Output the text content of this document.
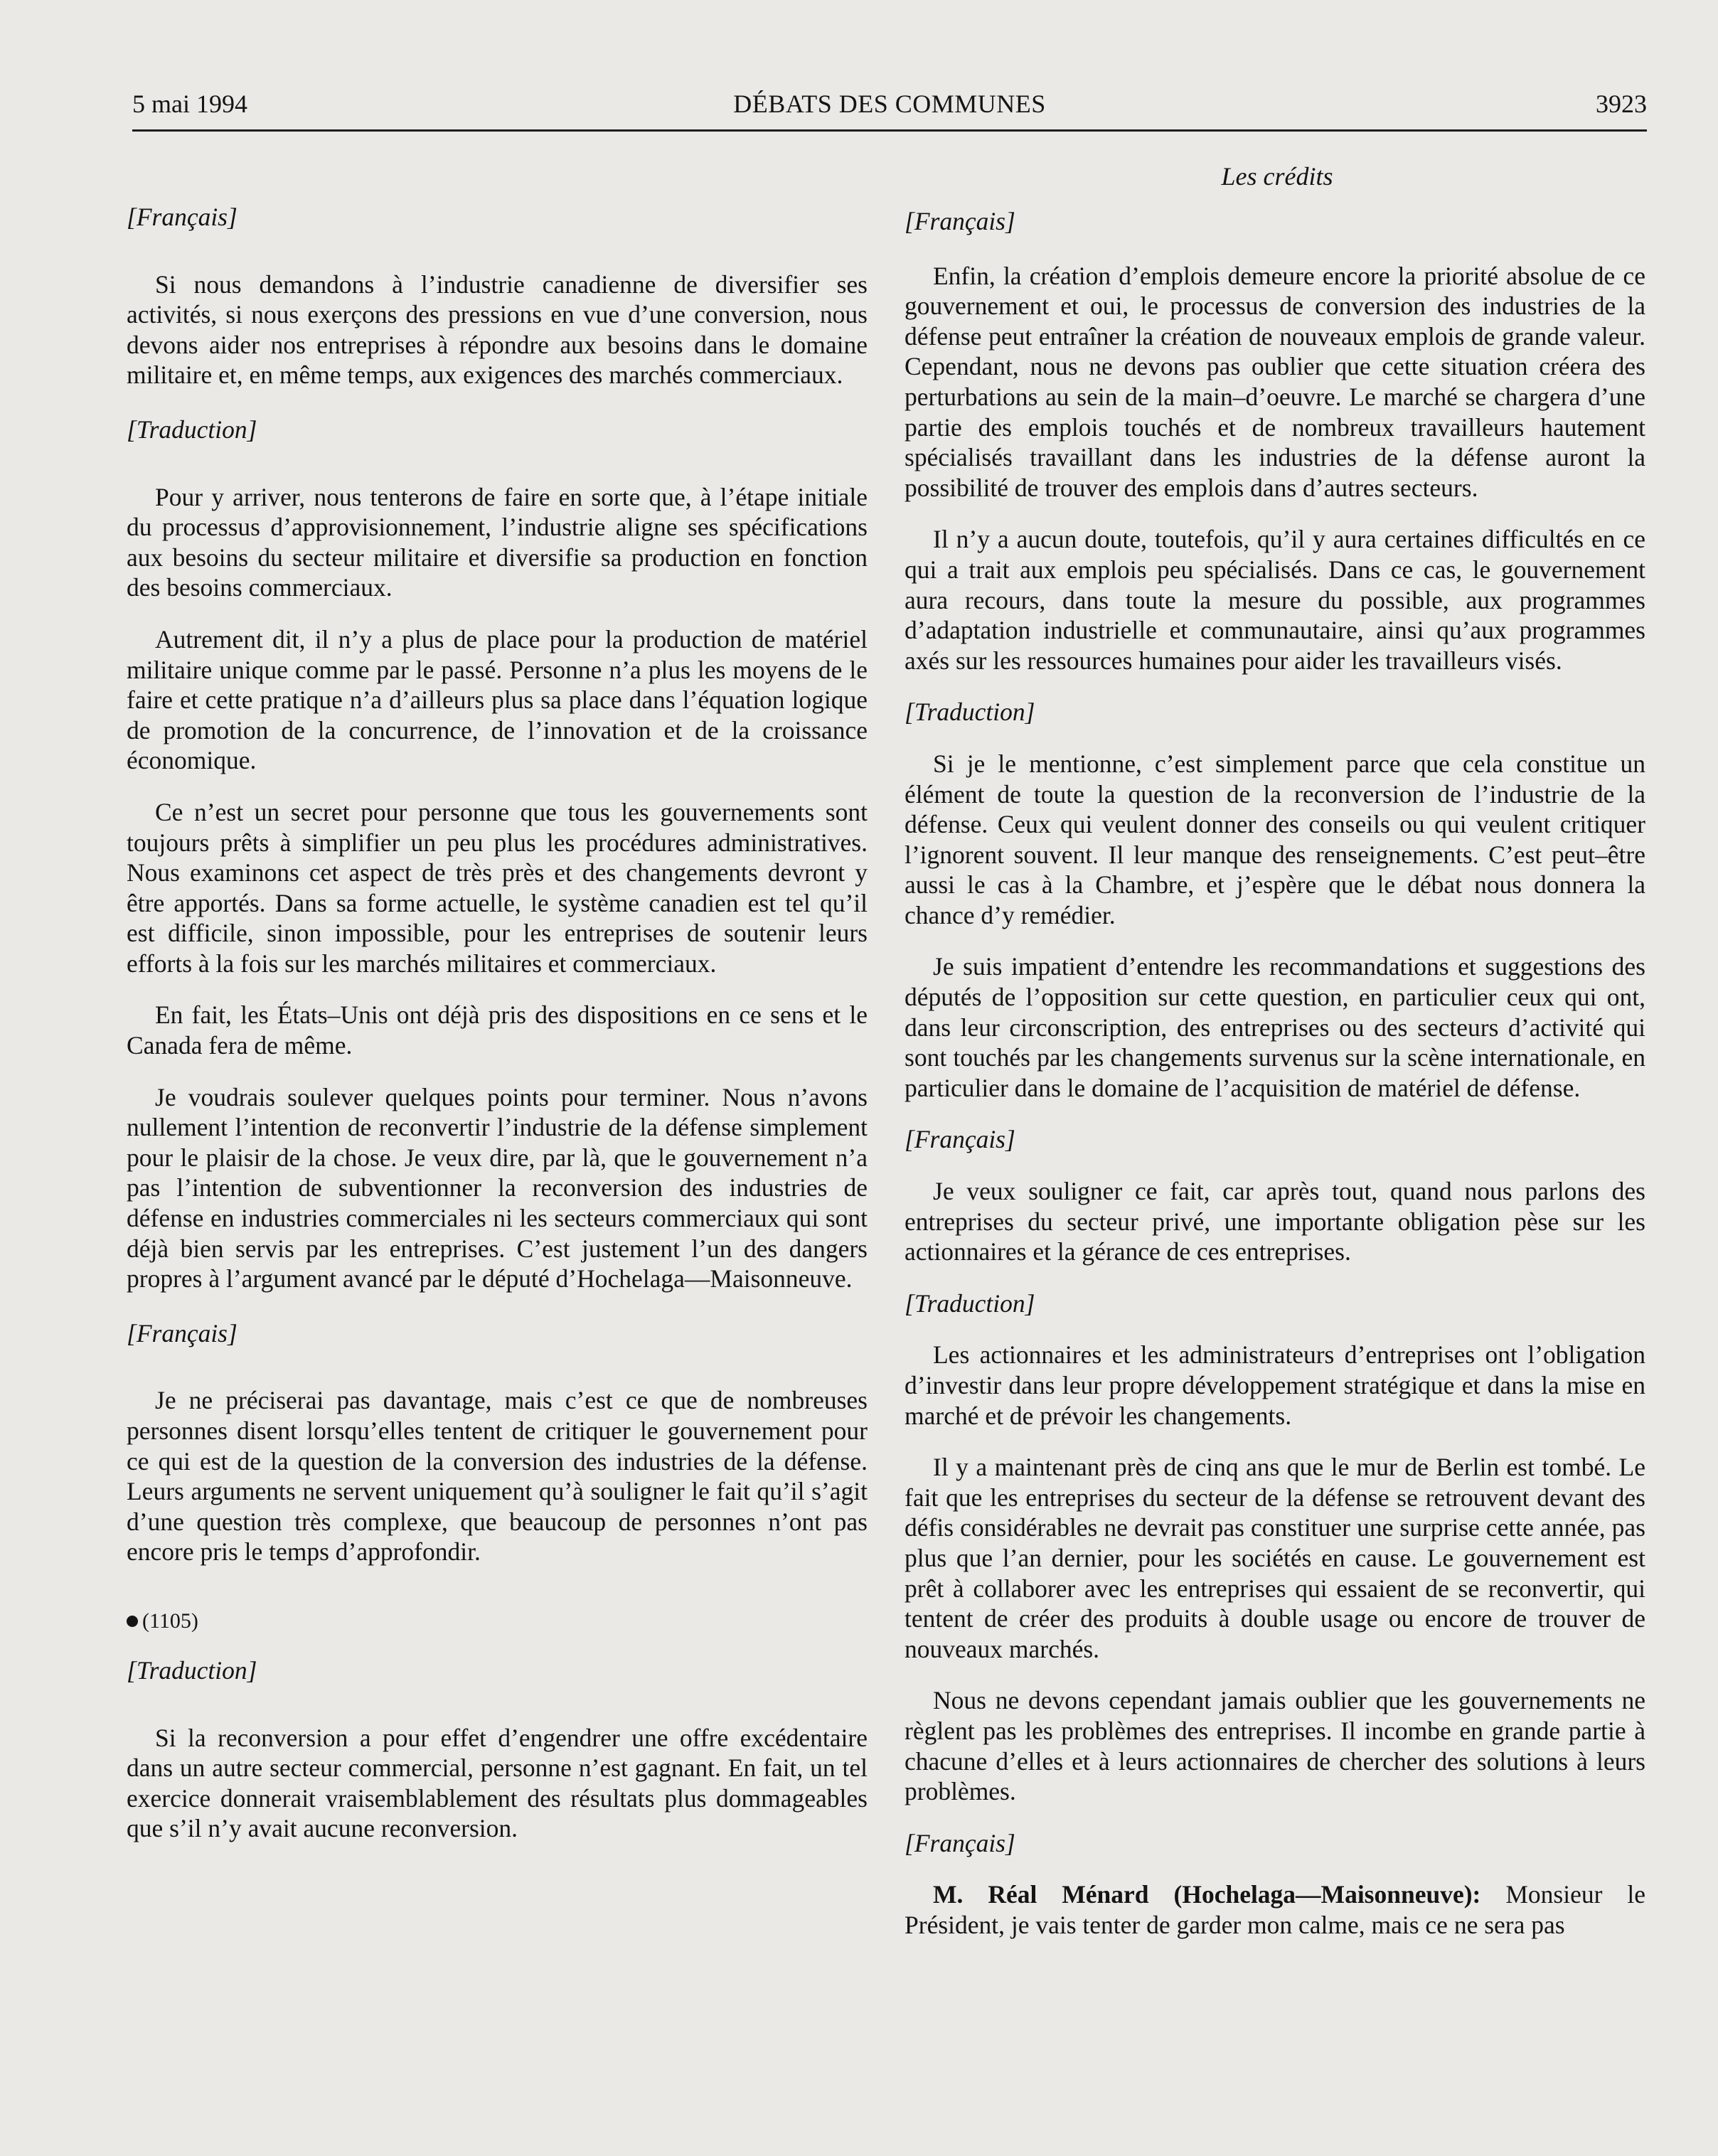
5 mai 1994	DÉBATS DES COMMUNES	3923
Les crédits

[Français]

Si nous demandons à l’industrie canadienne de diversifier ses activités, si nous exerçons des pressions en vue d’une conversion, nous devons aider nos entreprises à répondre aux besoins dans le domaine militaire et, en même temps, aux exigences des marchés commerciaux.

[Traduction]

Pour y arriver, nous tenterons de faire en sorte que, à l’étape initiale du processus d’approvisionnement, l’industrie aligne ses spécifications aux besoins du secteur militaire et diversifie sa production en fonction des besoins commerciaux.

Autrement dit, il n’y a plus de place pour la production de matériel militaire unique comme par le passé. Personne n’a plus les moyens de le faire et cette pratique n’a d’ailleurs plus sa place dans l’équation logique de promotion de la concurrence, de l’innovation et de la croissance économique.

Ce n’est un secret pour personne que tous les gouvernements sont toujours prêts à simplifier un peu plus les procédures administratives. Nous examinons cet aspect de très près et des changements devront y être apportés. Dans sa forme actuelle, le système canadien est tel qu’il est difficile, sinon impossible, pour les entreprises de soutenir leurs efforts à la fois sur les marchés militaires et commerciaux.

En fait, les États–Unis ont déjà pris des dispositions en ce sens et le Canada fera de même.

Je voudrais soulever quelques points pour terminer. Nous n’avons nullement l’intention de reconvertir l’industrie de la défense simplement pour le plaisir de la chose. Je veux dire, par là, que le gouvernement n’a pas l’intention de subventionner la reconversion des industries de défense en industries commerciales ni les secteurs commerciaux qui sont déjà bien servis par les entreprises. C’est justement l’un des dangers propres à l’argument avancé par le député d’Hochelaga—Maisonneuve.

[Français]

Je ne préciserai pas davantage, mais c’est ce que de nombreuses personnes disent lorsqu’elles tentent de critiquer le gouvernement pour ce qui est de la question de la conversion des industries de la défense. Leurs arguments ne servent uniquement qu’à souligner le fait qu’il s’agit d’une question très complexe, que beaucoup de personnes n’ont pas encore pris le temps d’approfondir.

(1105)

[Traduction]

Si la reconversion a pour effet d’engendrer une offre excédentaire dans un autre secteur commercial, personne n’est gagnant. En fait, un tel exercice donnerait vraisemblablement des résultats plus dommageables que s’il n’y avait aucune reconversion.

[Français]

Enfin, la création d’emplois demeure encore la priorité absolue de ce gouvernement et oui, le processus de conversion des industries de la défense peut entraîner la création de nouveaux emplois de grande valeur. Cependant, nous ne devons pas oublier que cette situation créera des perturbations au sein de la main–d’oeuvre. Le marché se chargera d’une partie des emplois touchés et de nombreux travailleurs hautement spécialisés travaillant dans les industries de la défense auront la possibilité de trouver des emplois dans d’autres secteurs.

Il n’y a aucun doute, toutefois, qu’il y aura certaines difficultés en ce qui a trait aux emplois peu spécialisés. Dans ce cas, le gouvernement aura recours, dans toute la mesure du possible, aux programmes d’adaptation industrielle et communautaire, ainsi qu’aux programmes axés sur les ressources humaines pour aider les travailleurs visés.

[Traduction]

Si je le mentionne, c’est simplement parce que cela constitue un élément de toute la question de la reconversion de l’industrie de la défense. Ceux qui veulent donner des conseils ou qui veulent critiquer l’ignorent souvent. Il leur manque des renseignements. C’est peut–être aussi le cas à la Chambre, et j’espère que le débat nous donnera la chance d’y remédier.

Je suis impatient d’entendre les recommandations et suggestions des députés de l’opposition sur cette question, en particulier ceux qui ont, dans leur circonscription, des entreprises ou des secteurs d’activité qui sont touchés par les changements survenus sur la scène internationale, en particulier dans le domaine de l’acquisition de matériel de défense.

[Français]

Je veux souligner ce fait, car après tout, quand nous parlons des entreprises du secteur privé, une importante obligation pèse sur les actionnaires et la gérance de ces entreprises.

[Traduction]

Les actionnaires et les administrateurs d’entreprises ont l’obligation d’investir dans leur propre développement stratégique et dans la mise en marché et de prévoir les changements.

Il y a maintenant près de cinq ans que le mur de Berlin est tombé. Le fait que les entreprises du secteur de la défense se retrouvent devant des défis considérables ne devrait pas constituer une surprise cette année, pas plus que l’an dernier, pour les sociétés en cause. Le gouvernement est prêt à collaborer avec les entreprises qui essaient de se reconvertir, qui tentent de créer des produits à double usage ou encore de trouver de nouveaux marchés.

Nous ne devons cependant jamais oublier que les gouvernements ne règlent pas les problèmes des entreprises. Il incombe en grande partie à chacune d’elles et à leurs actionnaires de chercher des solutions à leurs problèmes.

[Français]

M. Réal Ménard (Hochelaga—Maisonneuve): Monsieur le Président, je vais tenter de garder mon calme, mais ce ne sera pas
